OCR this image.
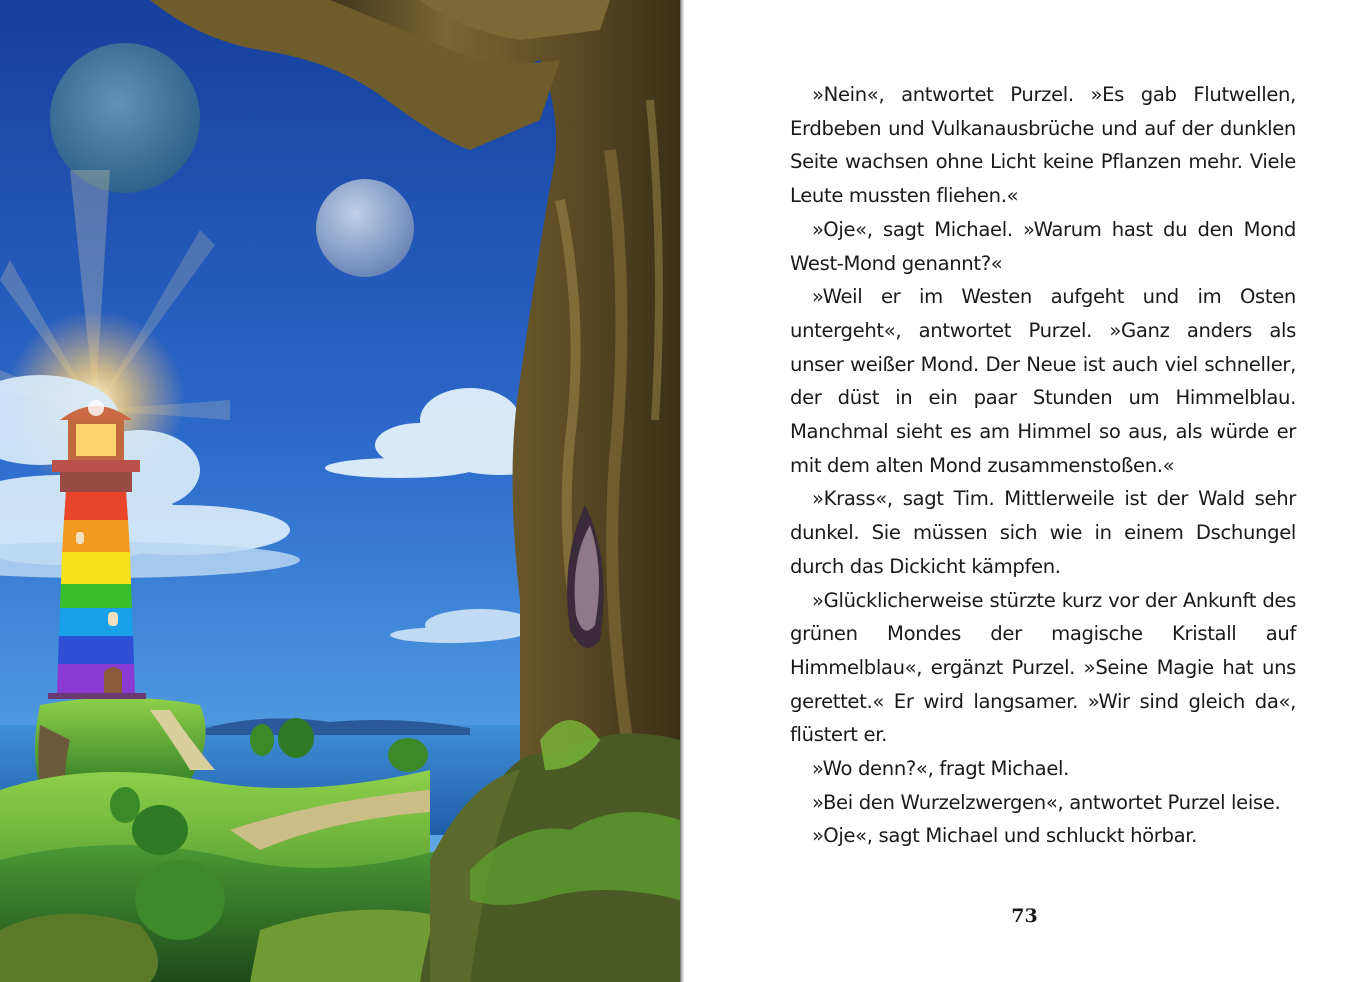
»Nein«, antwortet Purzel. »Es gab Flutwellen, Erdbeben und Vulkanausbrüche und auf der dunklen Seite wachsen ohne Licht keine Pflanzen mehr. Viele Leute mussten fliehen.«

»Oje«, sagt Michael. »Warum hast du den Mond West-Mond genannt?«

»Weil er im Westen aufgeht und im Osten untergeht«, antwortet Purzel. »Ganz anders als unser weißer Mond. Der Neue ist auch viel schneller, der düst in ein paar Stunden um Himmelblau. Manchmal sieht es am Himmel so aus, als würde er mit dem alten Mond zusammenstoßen.«

»Krass«, sagt Tim. Mittlerweile ist der Wald sehr dunkel. Sie müssen sich wie in einem Dschungel durch das Dickicht kämpfen.

»Glücklicherweise stürzte kurz vor der Ankunft des grünen Mondes der magische Kristall auf Himmelblau«, ergänzt Purzel. »Seine Magie hat uns gerettet.« Er wird langsamer. »Wir sind gleich da«, flüstert er.

»Wo denn?«, fragt Michael.

»Bei den Wurzelzwergen«, antwortet Purzel leise.

»Oje«, sagt Michael und schluckt hörbar.

73
